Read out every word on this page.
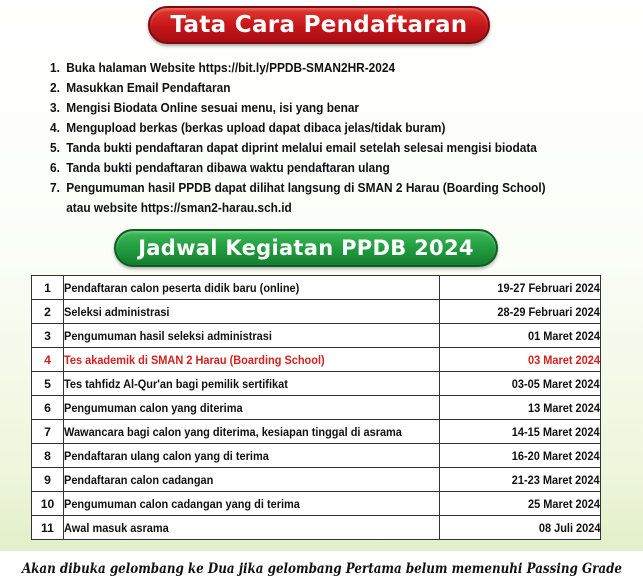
Tata Cara Pendaftaran
1. Buka halaman Website https://bit.ly/PPDB-SMAN2HR-2024
2. Masukkan Email Pendaftaran
3. Mengisi Biodata Online sesuai menu, isi yang benar
4. Mengupload berkas (berkas upload dapat dibaca jelas/tidak buram)
5. Tanda bukti pendaftaran dapat diprint melalui email setelah selesai mengisi biodata
6. Tanda bukti pendaftaran dibawa waktu pendaftaran ulang
7. Pengumuman hasil PPDB dapat dilihat langsung di SMAN 2 Harau (Boarding School)
atau website https://sman2-harau.sch.id
Jadwal Kegiatan PPDB 2024
1	Pendaftaran calon peserta didik baru (online)	19-27 Februari 2024
2	Seleksi administrasi	28-29 Februari 2024
3	Pengumuman hasil seleksi administrasi	01 Maret 2024
4	Tes akademik di SMAN 2 Harau (Boarding School)	03 Maret 2024
5	Tes tahfidz Al-Qur'an bagi pemilik sertifikat	03-05 Maret 2024
6	Pengumuman calon yang diterima	13 Maret 2024
7	Wawancara bagi calon yang diterima, kesiapan tinggal di asrama	14-15 Maret 2024
8	Pendaftaran ulang calon yang di terima	16-20 Maret 2024
9	Pendaftaran calon cadangan	21-23 Maret 2024
10	Pengumuman calon cadangan yang di terima	25 Maret 2024
11	Awal masuk asrama	08 Juli 2024
Akan dibuka gelombang ke Dua jika gelombang Pertama belum memenuhi Passing Grade
